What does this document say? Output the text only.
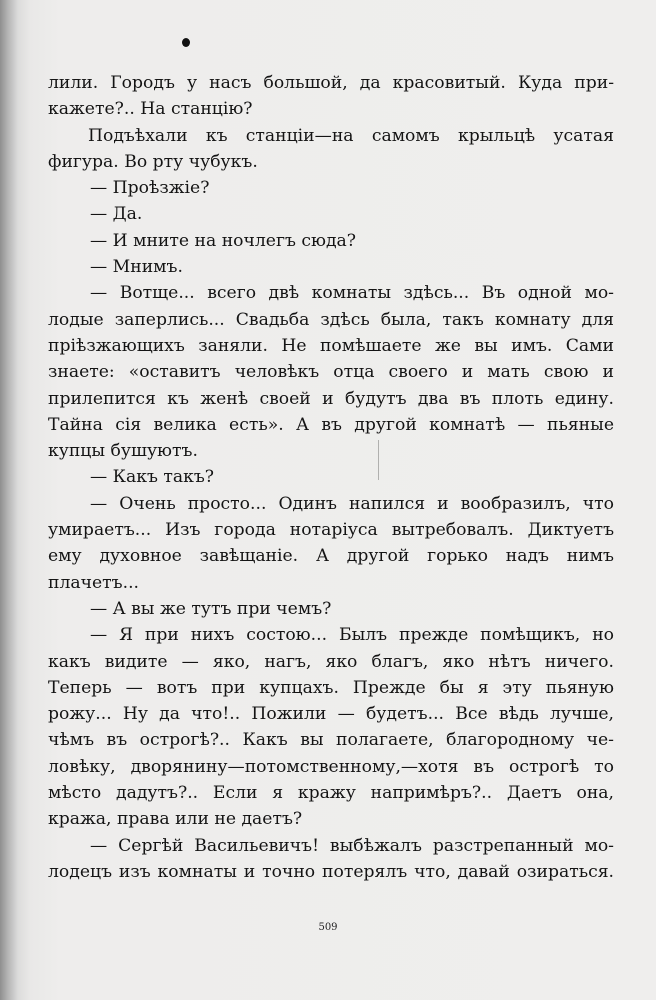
лили. Городъ у насъ большой, да красовитый. Куда при-
кажете?.. На станцію?
Подъѣхали къ станціи—на самомъ крыльцѣ усатая
фигура. Во рту чубукъ.
— Проѣзжіе?
— Да.
— И мните на ночлегъ сюда?
— Мнимъ.
— Вотще... всего двѣ комнаты здѣсь... Въ одной мо-
лодые заперлись... Свадьба здѣсь была, такъ комнату для
пріѣзжающихъ заняли. Не помѣшаете же вы имъ. Сами
знаете: «оставитъ человѣкъ отца своего и мать свою и
прилепится къ женѣ своей и будутъ два въ плоть едину.
Тайна сія велика есть». А въ другой комнатѣ — пьяные
купцы бушуютъ.
— Какъ такъ?
— Очень просто... Одинъ напился и вообразилъ, что
умираетъ... Изъ города нотаріуса вытребовалъ. Диктуетъ
ему духовное завѣщаніе. А другой горько надъ нимъ
плачетъ...
— А вы же тутъ при чемъ?
— Я при нихъ состою... Былъ прежде помѣщикъ, но
какъ видите — яко, нагъ, яко благъ, яко нѣтъ ничего.
Теперь — вотъ при купцахъ. Прежде бы я эту пьяную
рожу... Ну да что!.. Пожили — будетъ... Все вѣдь лучше,
чѣмъ въ острогѣ?.. Какъ вы полагаете, благородному че-
ловѣку, дворянину—потомственному,—хотя въ острогѣ то
мѣсто дадутъ?.. Если я кражу напримѣръ?.. Даетъ она,
кража, права или не даетъ?
— Сергѣй Васильевичъ! выбѣжалъ разстрепанный мо-
лодецъ изъ комнаты и точно потерялъ что, давай озираться.
509
